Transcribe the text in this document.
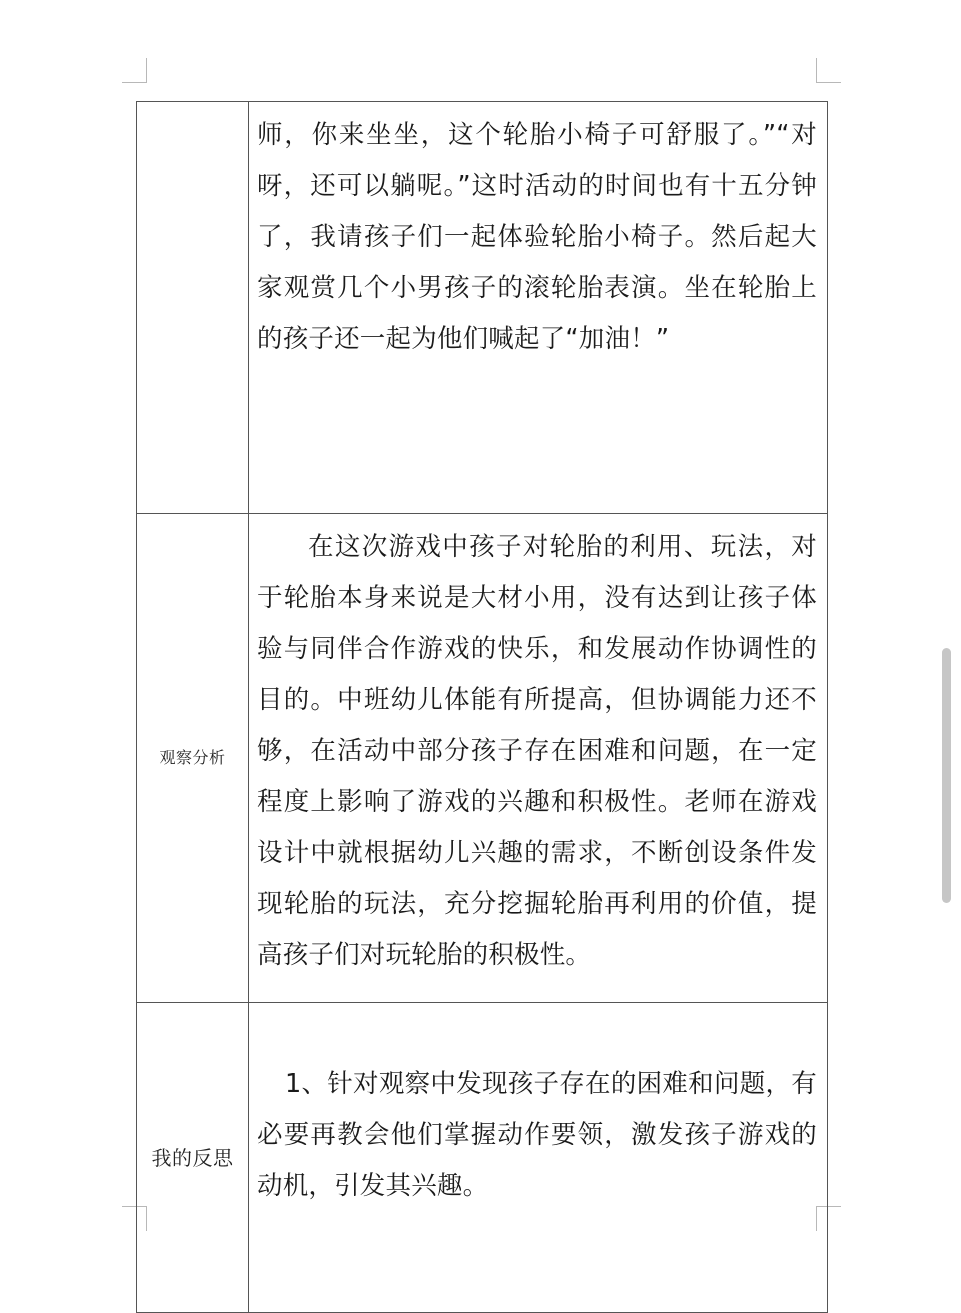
	师，你来坐坐，这个轮胎小椅子可舒服了。”“对呀，还可以躺呢。”这时活动的时间也有十五分钟了，我请孩子们一起体验轮胎小椅子。然后起大家观赏几个小男孩子的滚轮胎表演。坐在轮胎上的孩子还一起为他们喊起了“加油！”

观察分析	在这次游戏中孩子对轮胎的利用、玩法，对于轮胎本身来说是大材小用，没有达到让孩子体验与同伴合作游戏的快乐，和发展动作协调性的目的。中班幼儿体能有所提高，但协调能力还不够，在活动中部分孩子存在困难和问题，在一定程度上影响了游戏的兴趣和积极性。老师在游戏设计中就根据幼儿兴趣的需求，不断创设条件发现轮胎的玩法，充分挖掘轮胎再利用的价值，提高孩子们对玩轮胎的积极性。

我的反思	1、针对观察中发现孩子存在的困难和问题，有必要再教会他们掌握动作要领，激发孩子游戏的动机，引发其兴趣。
